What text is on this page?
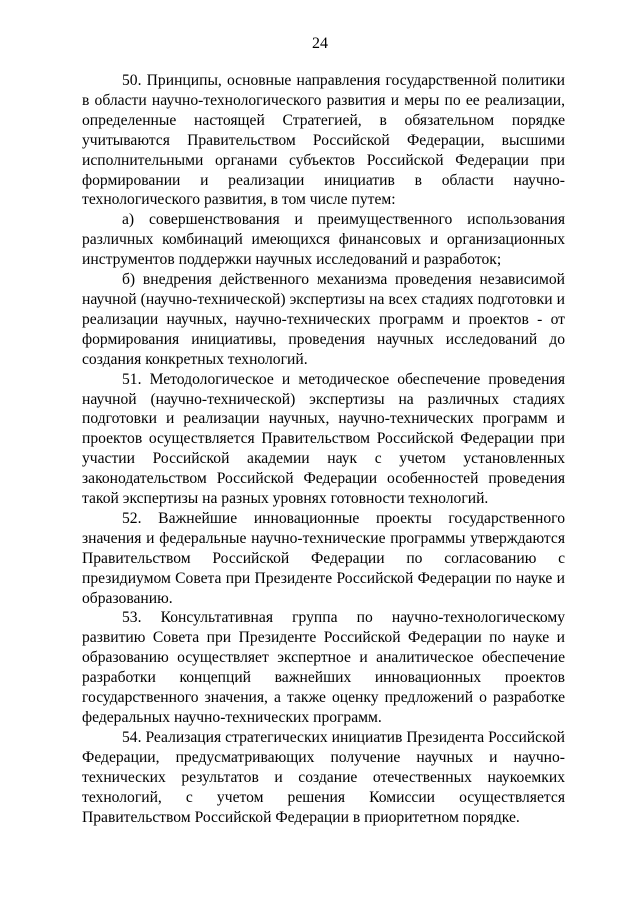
24

50. Принципы, основные направления государственной политики в области научно-технологического развития и меры по ее реализации, определенные настоящей Стратегией, в обязательном порядке учитываются Правительством Российской Федерации, высшими исполнительными органами субъектов Российской Федерации при формировании и реализации инициатив в области научно-технологического развития, в том числе путем:

а) совершенствования и преимущественного использования различных комбинаций имеющихся финансовых и организационных инструментов поддержки научных исследований и разработок;

б) внедрения действенного механизма проведения независимой научной (научно-технической) экспертизы на всех стадиях подготовки и реализации научных, научно-технических программ и проектов - от формирования инициативы, проведения научных исследований до создания конкретных технологий.

51. Методологическое и методическое обеспечение проведения научной (научно-технической) экспертизы на различных стадиях подготовки и реализации научных, научно-технических программ и проектов осуществляется Правительством Российской Федерации при участии Российской академии наук с учетом установленных законодательством Российской Федерации особенностей проведения такой экспертизы на разных уровнях готовности технологий.

52. Важнейшие инновационные проекты государственного значения и федеральные научно-технические программы утверждаются Правительством Российской Федерации по согласованию с президиумом Совета при Президенте Российской Федерации по науке и образованию.

53. Консультативная группа по научно-технологическому развитию Совета при Президенте Российской Федерации по науке и образованию осуществляет экспертное и аналитическое обеспечение разработки концепций важнейших инновационных проектов государственного значения, а также оценку предложений о разработке федеральных научно-технических программ.

54. Реализация стратегических инициатив Президента Российской Федерации, предусматривающих получение научных и научно-технических результатов и создание отечественных наукоемких технологий, с учетом решения Комиссии осуществляется Правительством Российской Федерации в приоритетном порядке.
